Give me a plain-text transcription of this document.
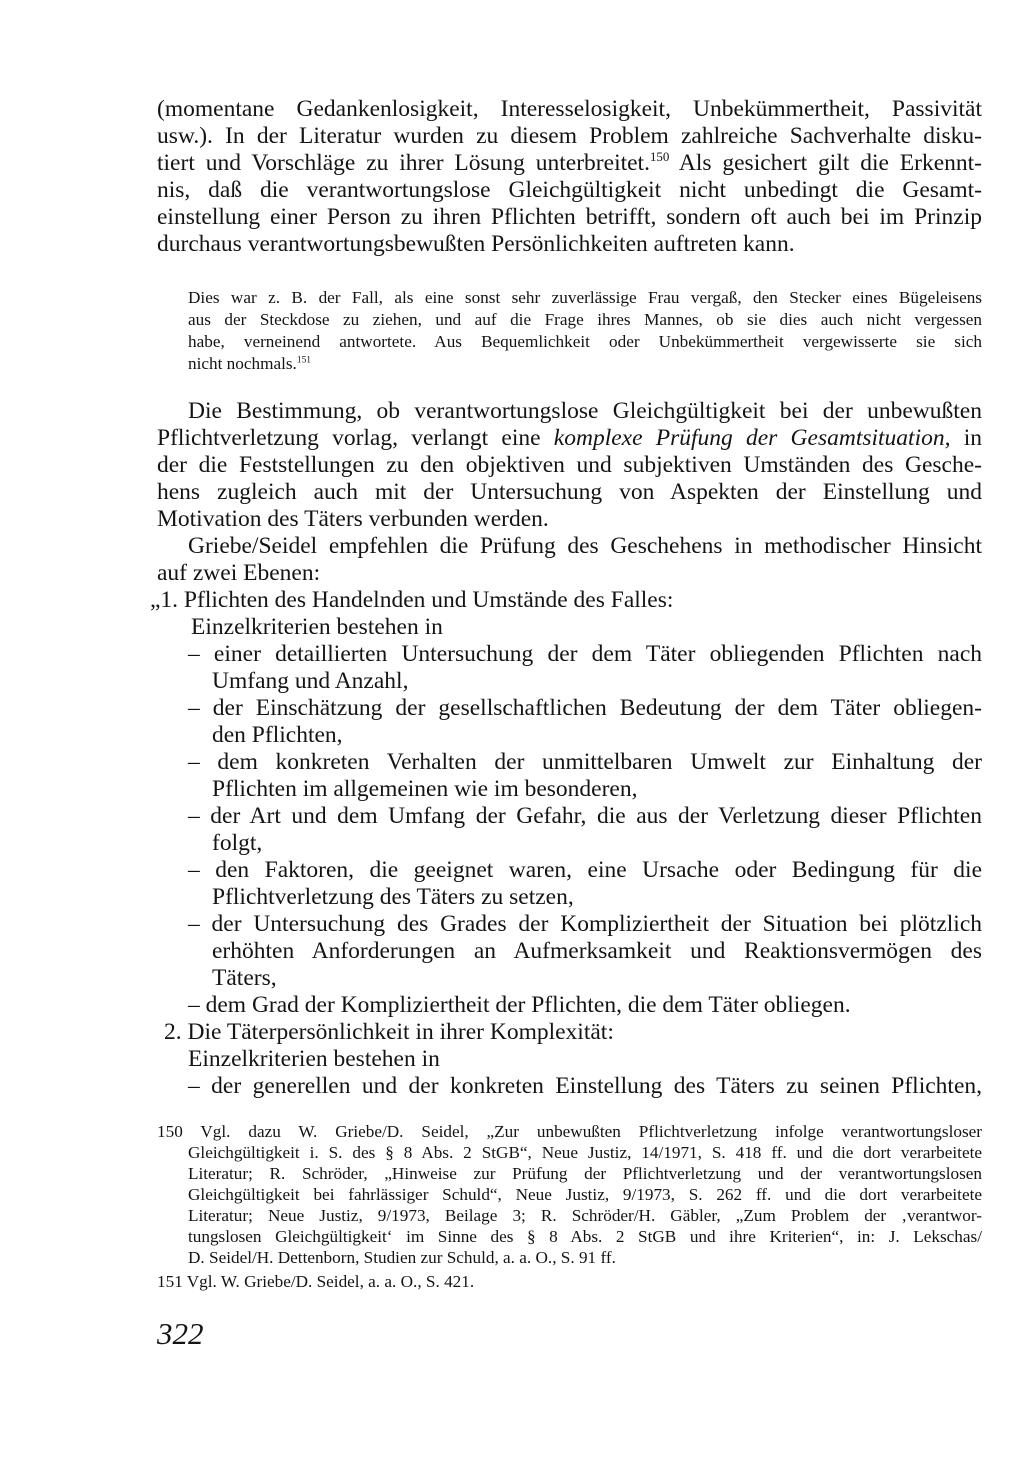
(momentane Gedankenlosigkeit, Interesselosigkeit, Unbekümmertheit, Passivität
usw.). In der Literatur wurden zu diesem Problem zahlreiche Sachverhalte disku-
tiert und Vorschläge zu ihrer Lösung unterbreitet.$^{150}$ Als gesichert gilt die Erkennt-
nis, daß die verantwortungslose Gleichgültigkeit nicht unbedingt die Gesamt-
einstellung einer Person zu ihren Pflichten betrifft, sondern oft auch bei im Prinzip
durchaus verantwortungsbewußten Persönlichkeiten auftreten kann.
Dies war z. B. der Fall, als eine sonst sehr zuverlässige Frau vergaß, den Stecker eines Bügeleisens
aus der Steckdose zu ziehen, und auf die Frage ihres Mannes, ob sie dies auch nicht vergessen
habe, verneinend antwortete. Aus Bequemlichkeit oder Unbekümmertheit vergewisserte sie sich
nicht nochmals.$^{151}$
Die Bestimmung, ob verantwortungslose Gleichgültigkeit bei der unbewußten
Pflichtverletzung vorlag, verlangt eine komplexe Prüfung der Gesamtsituation, in
der die Feststellungen zu den objektiven und subjektiven Umständen des Gesche-
hens zugleich auch mit der Untersuchung von Aspekten der Einstellung und
Motivation des Täters verbunden werden.
Griebe/Seidel empfehlen die Prüfung des Geschehens in methodischer Hinsicht
auf zwei Ebenen:
„1. Pflichten des Handelnden und Umstände des Falles:
Einzelkriterien bestehen in
– einer detaillierten Untersuchung der dem Täter obliegenden Pflichten nach
Umfang und Anzahl,
– der Einschätzung der gesellschaftlichen Bedeutung der dem Täter obliegen-
den Pflichten,
– dem konkreten Verhalten der unmittelbaren Umwelt zur Einhaltung der
Pflichten im allgemeinen wie im besonderen,
– der Art und dem Umfang der Gefahr, die aus der Verletzung dieser Pflichten
folgt,
– den Faktoren, die geeignet waren, eine Ursache oder Bedingung für die
Pflichtverletzung des Täters zu setzen,
– der Untersuchung des Grades der Kompliziertheit der Situation bei plötzlich
erhöhten Anforderungen an Aufmerksamkeit und Reaktionsvermögen des
Täters,
– dem Grad der Kompliziertheit der Pflichten, die dem Täter obliegen.
2. Die Täterpersönlichkeit in ihrer Komplexität:
Einzelkriterien bestehen in
– der generellen und der konkreten Einstellung des Täters zu seinen Pflichten,
150 Vgl. dazu W. Griebe/D. Seidel, „Zur unbewußten Pflichtverletzung infolge verantwortungsloser
Gleichgültigkeit i. S. des § 8 Abs. 2 StGB“, Neue Justiz, 14/1971, S. 418 ff. und die dort verarbeitete
Literatur; R. Schröder, „Hinweise zur Prüfung der Pflichtverletzung und der verantwortungslosen
Gleichgültigkeit bei fahrlässiger Schuld“, Neue Justiz, 9/1973, S. 262 ff. und die dort verarbeitete
Literatur; Neue Justiz, 9/1973, Beilage 3; R. Schröder/H. Gäbler, „Zum Problem der ‚verantwor-
tungslosen Gleichgültigkeit‘ im Sinne des § 8 Abs. 2 StGB und ihre Kriterien“, in: J. Lekschas/
D. Seidel/H. Dettenborn, Studien zur Schuld, a. a. O., S. 91 ff.
151 Vgl. W. Griebe/D. Seidel, a. a. O., S. 421.
322
